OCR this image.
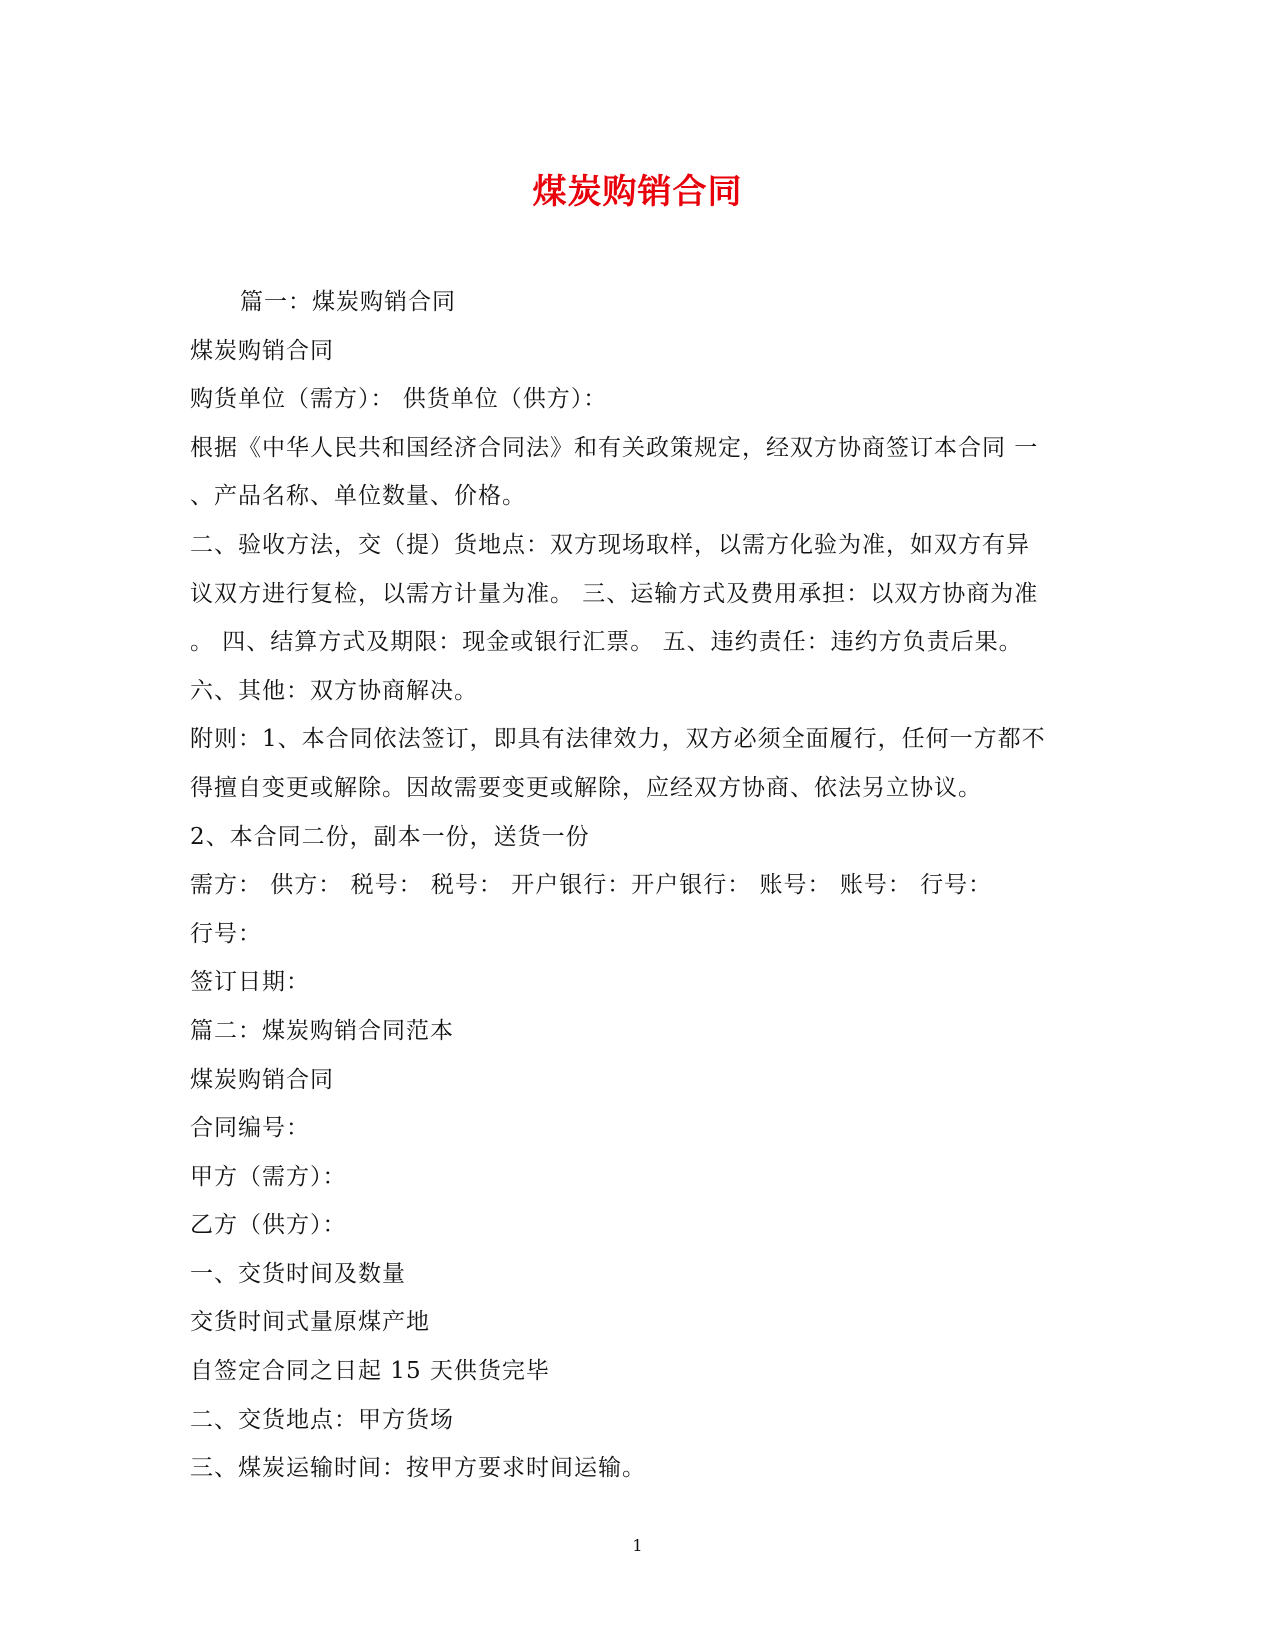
煤炭购销合同

篇一：煤炭购销合同

煤炭购销合同

购货单位（需方）： 供货单位（供方）：

根据《中华人民共和国经济合同法》和有关政策规定，经双方协商签订本合同 一

、产品名称、单位数量、价格。

二、验收方法，交（提）货地点：双方现场取样，以需方化验为准，如双方有异

议双方进行复检，以需方计量为准。 三、运输方式及费用承担：以双方协商为准

。 四、结算方式及期限：现金或银行汇票。 五、违约责任：违约方负责后果。

六、其他：双方协商解决。

附则：1、本合同依法签订，即具有法律效力，双方必须全面履行，任何一方都不

得擅自变更或解除。因故需要变更或解除，应经双方协商、依法另立协议。

2、本合同二份，副本一份，送货一份

需方： 供方： 税号： 税号： 开户银行：开户银行： 账号： 账号： 行号：

行号：

签订日期：

篇二：煤炭购销合同范本

煤炭购销合同

合同编号：

甲方（需方）：

乙方（供方）：

一、交货时间及数量

交货时间式量原煤产地

自签定合同之日起 15 天供货完毕

二、交货地点：甲方货场

三、煤炭运输时间：按甲方要求时间运输。

1
